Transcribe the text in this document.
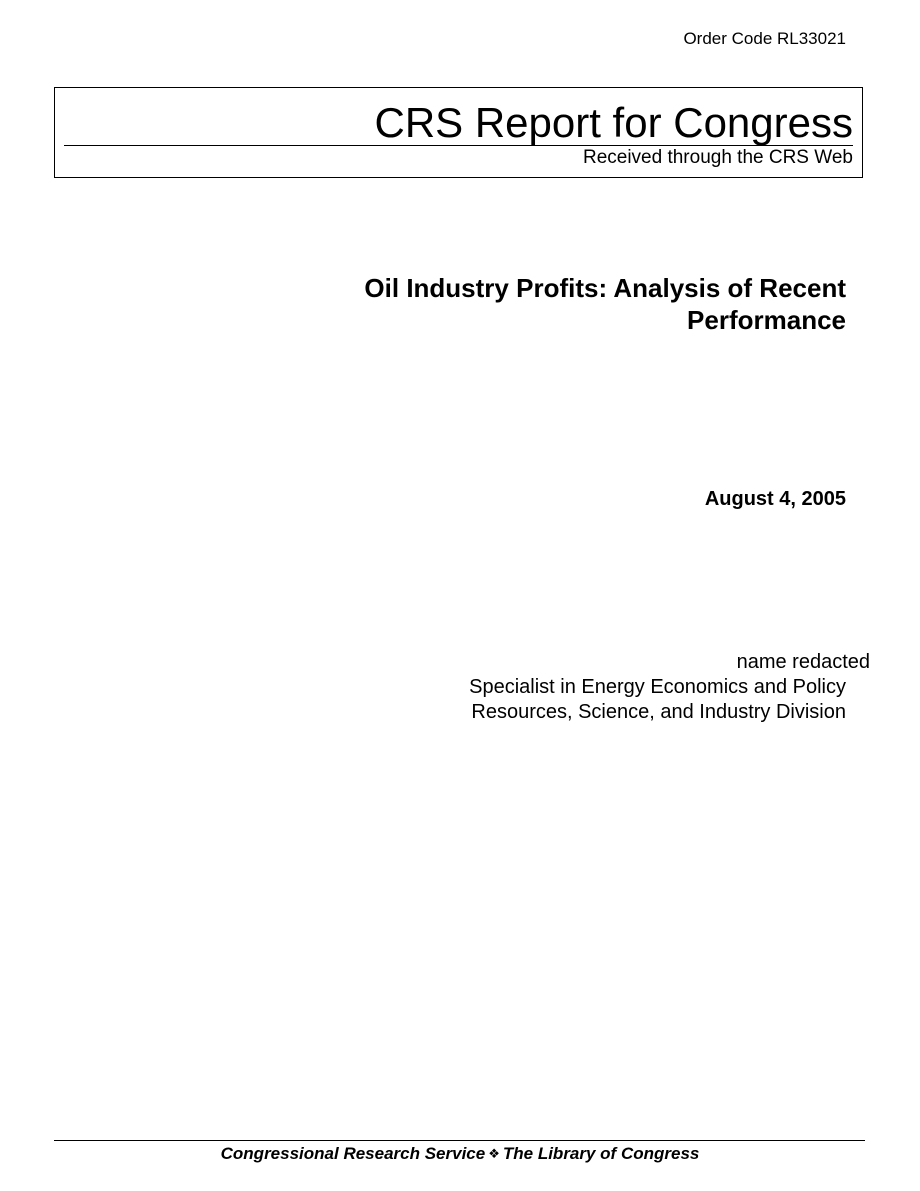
Order Code RL33021
CRS Report for Congress
Received through the CRS Web
Oil Industry Profits: Analysis of Recent
Performance
August 4, 2005
name redacted
Specialist in Energy Economics and Policy
Resources, Science, and Industry Division
Congressional Research Service ❖ The Library of Congress
